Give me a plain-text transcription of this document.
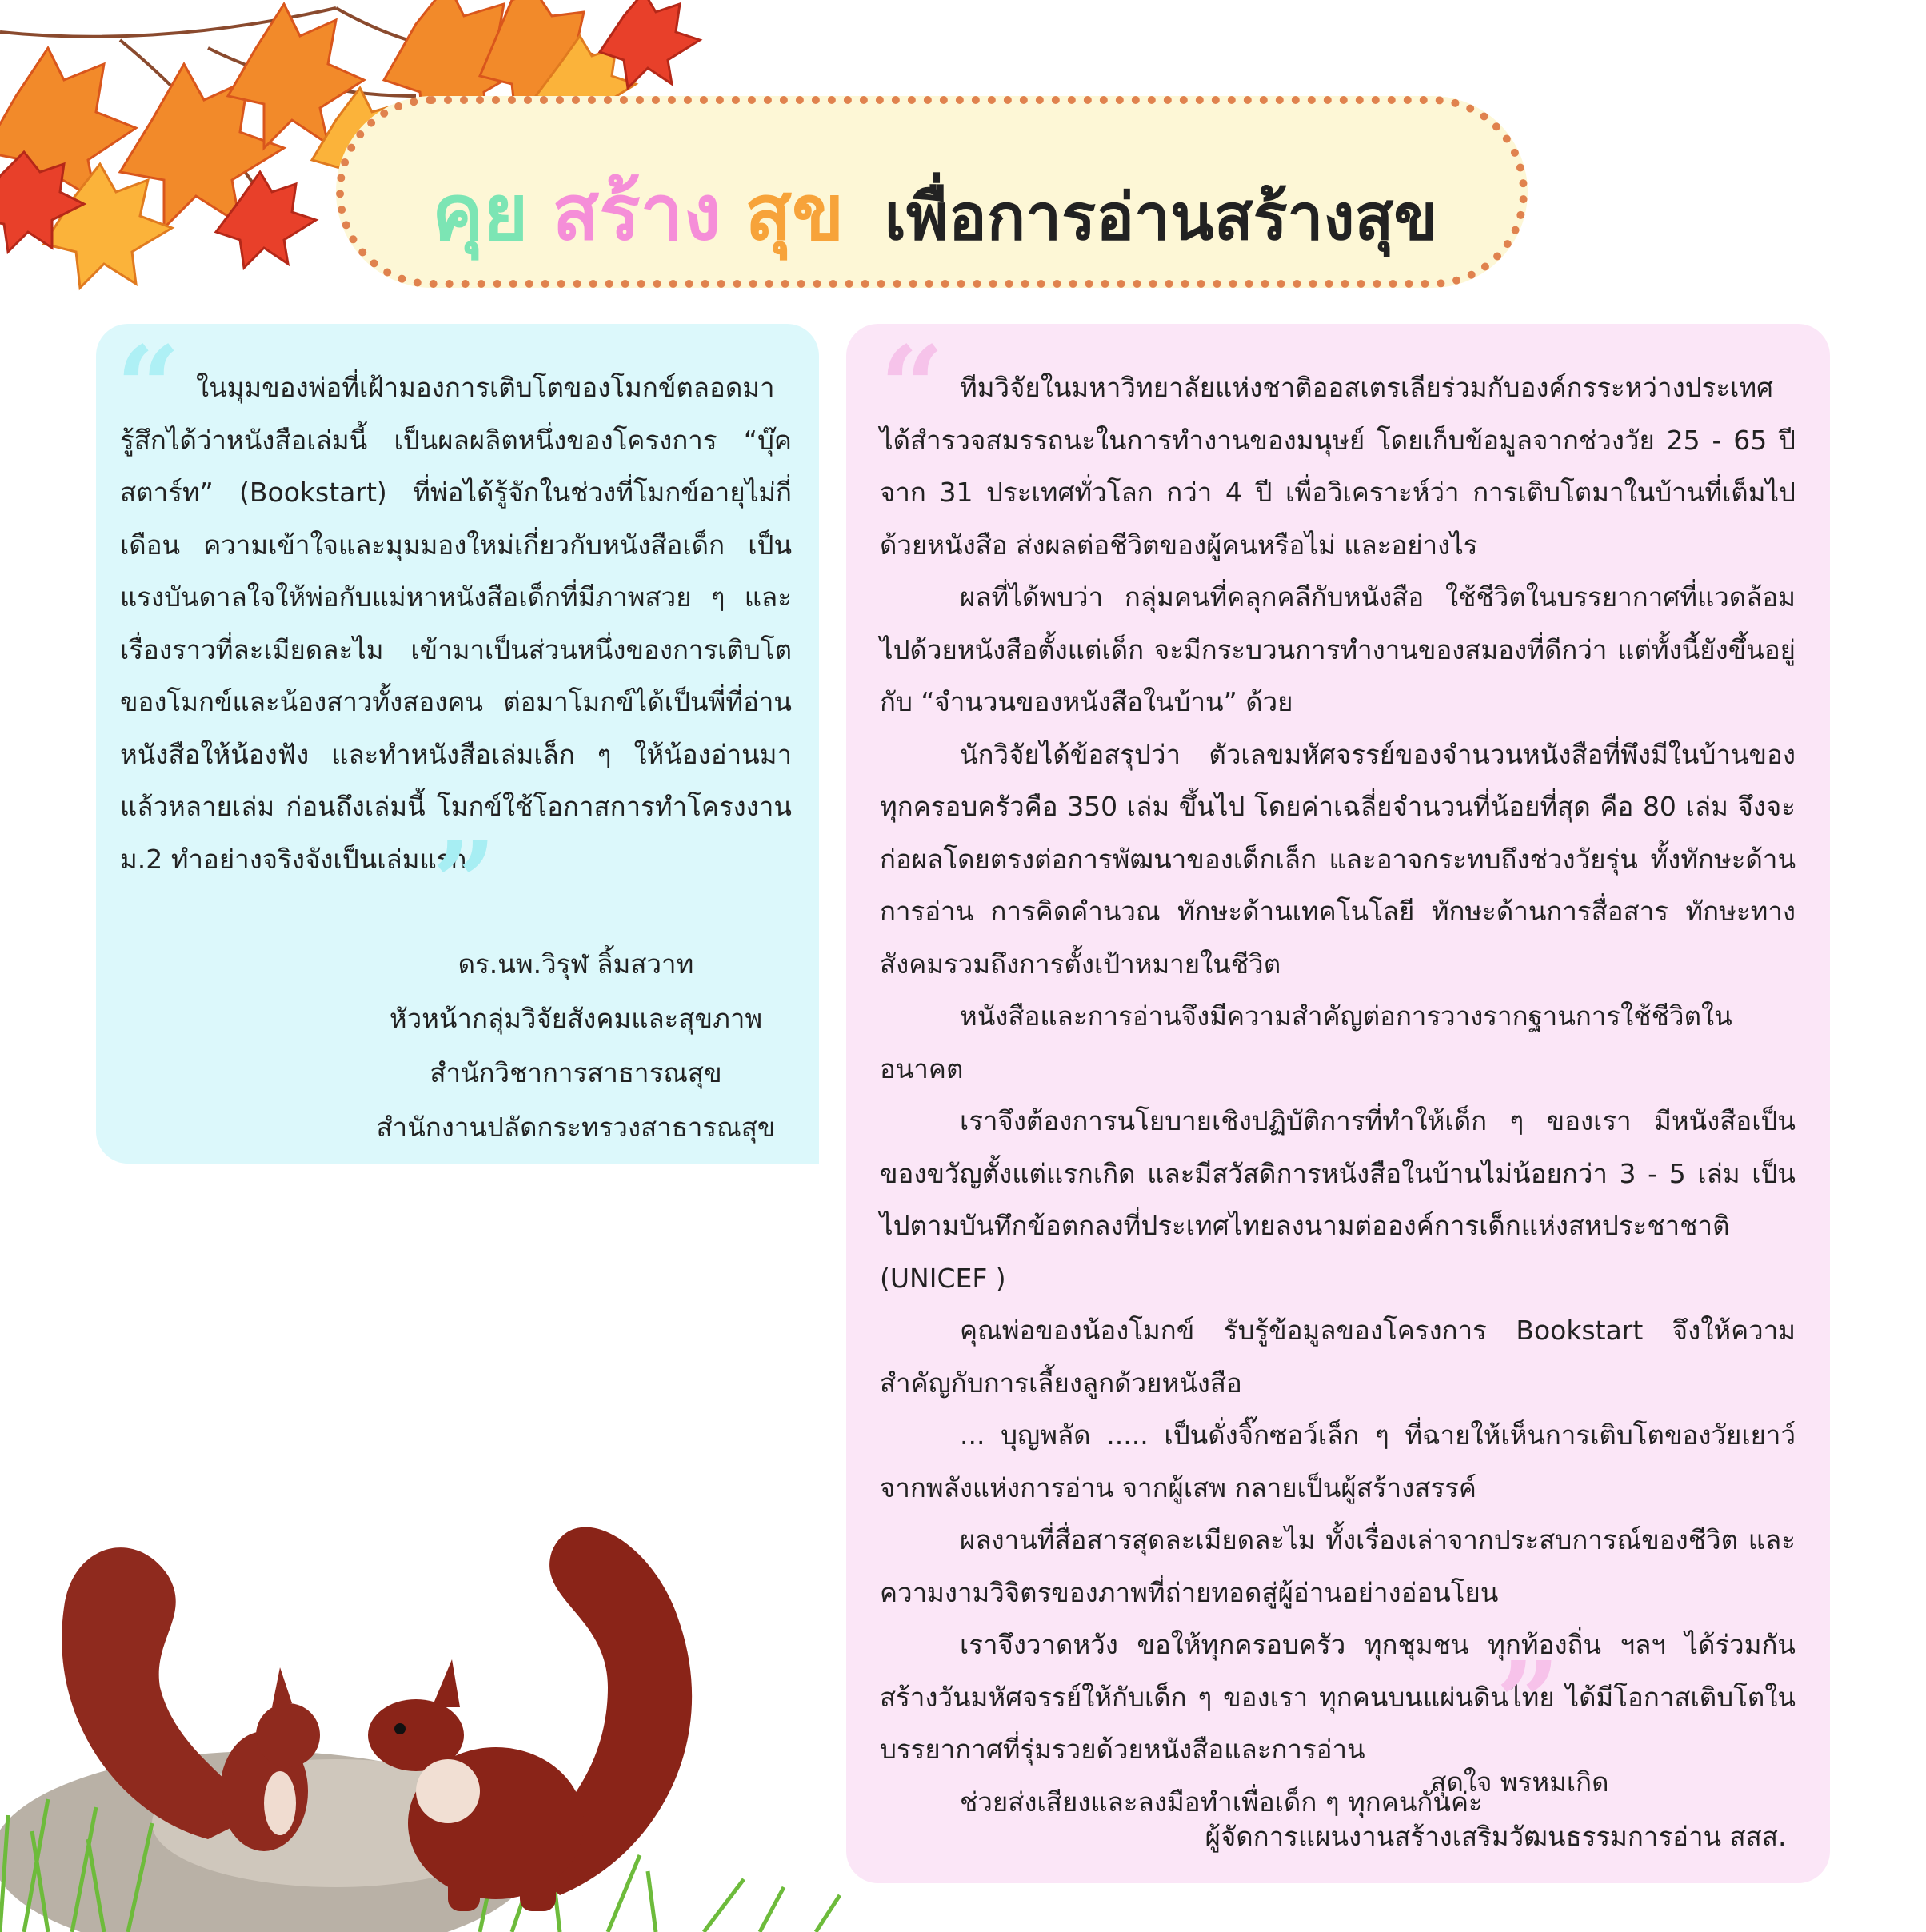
คุย สร้าง สุข เพื่อการอ่านสร้างสุข
“ ในมุมของพ่อที่เฝ้ามองการเติบโตของโมกข์ตลอดมา รู้สึกได้ว่าหนังสือเล่มนี้ เป็นผลผลิตหนึ่งของโครงการ “บุ๊คสตาร์ท” (Bookstart) ที่พ่อได้รู้จักในช่วงที่โมกข์อายุไม่กี่เดือน ความเข้าใจและมุมมองใหม่เกี่ยวกับหนังสือเด็ก เป็นแรงบันดาลใจให้พ่อกับแม่หาหนังสือเด็กที่มีภาพสวย ๆ และเรื่องราวที่ละเมียดละไม เข้ามาเป็นส่วนหนึ่งของการเติบโตของโมกข์และน้องสาวทั้งสองคน ต่อมาโมกข์ได้เป็นพี่ที่อ่านหนังสือให้น้องฟัง และทำหนังสือเล่มเล็ก ๆ ให้น้องอ่านมาแล้วหลายเล่ม ก่อนถึงเล่มนี้ โมกข์ใช้โอกาสการทำโครงงาน ม.2 ทำอย่างจริงจังเป็นเล่มแรก

”
ดร.นพ.วิรุฬ ลิ้มสวาท
หัวหน้ากลุ่มวิจัยสังคมและสุขภาพ
สำนักวิชาการสาธารณสุข
สำนักงานปลัดกระทรวงสาธารณสุข
“ ทีมวิจัยในมหาวิทยาลัยแห่งชาติออสเตรเลียร่วมกับองค์กรระหว่างประเทศ ได้สำรวจสมรรถนะในการทำงานของมนุษย์ โดยเก็บข้อมูลจากช่วงวัย 25 - 65 ปี จาก 31 ประเทศทั่วโลก กว่า 4 ปี เพื่อวิเคราะห์ว่า การเติบโตมาในบ้านที่เต็มไปด้วยหนังสือ ส่งผลต่อชีวิตของผู้คนหรือไม่ และอย่างไร

ผลที่ได้พบว่า กลุ่มคนที่คลุกคลีกับหนังสือ ใช้ชีวิตในบรรยากาศที่แวดล้อมไปด้วยหนังสือตั้งแต่เด็ก จะมีกระบวนการทำงานของสมองที่ดีกว่า แต่ทั้งนี้ยังขึ้นอยู่กับ “จำนวนของหนังสือในบ้าน” ด้วย

นักวิจัยได้ข้อสรุปว่า ตัวเลขมหัศจรรย์ของจำนวนหนังสือที่พึงมีในบ้านของทุกครอบครัวคือ 350 เล่ม ขึ้นไป โดยค่าเฉลี่ยจำนวนที่น้อยที่สุด คือ 80 เล่ม จึงจะก่อผลโดยตรงต่อการพัฒนาของเด็กเล็ก และอาจกระทบถึงช่วงวัยรุ่น ทั้งทักษะด้านการอ่าน การคิดคำนวณ ทักษะด้านเทคโนโลยี ทักษะด้านการสื่อสาร ทักษะทางสังคมรวมถึงการตั้งเป้าหมายในชีวิต

หนังสือและการอ่านจึงมีความสำคัญต่อการวางรากฐานการใช้ชีวิตในอนาคต

เราจึงต้องการนโยบายเชิงปฏิบัติการที่ทำให้เด็ก ๆ ของเรา มีหนังสือเป็นของขวัญตั้งแต่แรกเกิด และมีสวัสดิการหนังสือในบ้านไม่น้อยกว่า 3 - 5 เล่ม เป็นไปตามบันทึกข้อตกลงที่ประเทศไทยลงนามต่อองค์การเด็กแห่งสหประชาชาติ (UNICEF )

คุณพ่อของน้องโมกข์ รับรู้ข้อมูลของโครงการ Bookstart จึงให้ความสำคัญกับการเลี้ยงลูกด้วยหนังสือ

... บุญพลัด ..... เป็นดั่งจิ๊กซอว์เล็ก ๆ ที่ฉายให้เห็นการเติบโตของวัยเยาว์จากพลังแห่งการอ่าน จากผู้เสพ กลายเป็นผู้สร้างสรรค์

ผลงานที่สื่อสารสุดละเมียดละไม ทั้งเรื่องเล่าจากประสบการณ์ของชีวิต และความงามวิจิตรของภาพที่ถ่ายทอดสู่ผู้อ่านอย่างอ่อนโยน

เราจึงวาดหวัง ขอให้ทุกครอบครัว ทุกชุมชน ทุกท้องถิ่น ฯลฯ ได้ร่วมกันสร้างวันมหัศจรรย์ให้กับเด็ก ๆ ของเรา ทุกคนบนแผ่นดินไทย ได้มีโอกาสเติบโตในบรรยากาศที่รุ่มรวยด้วยหนังสือและการอ่าน

ช่วยส่งเสียงและลงมือทำเพื่อเด็ก ๆ ทุกคนกันค่ะ

”
สุดใจ พรหมเกิด
ผู้จัดการแผนงานสร้างเสริมวัฒนธรรมการอ่าน สสส.
